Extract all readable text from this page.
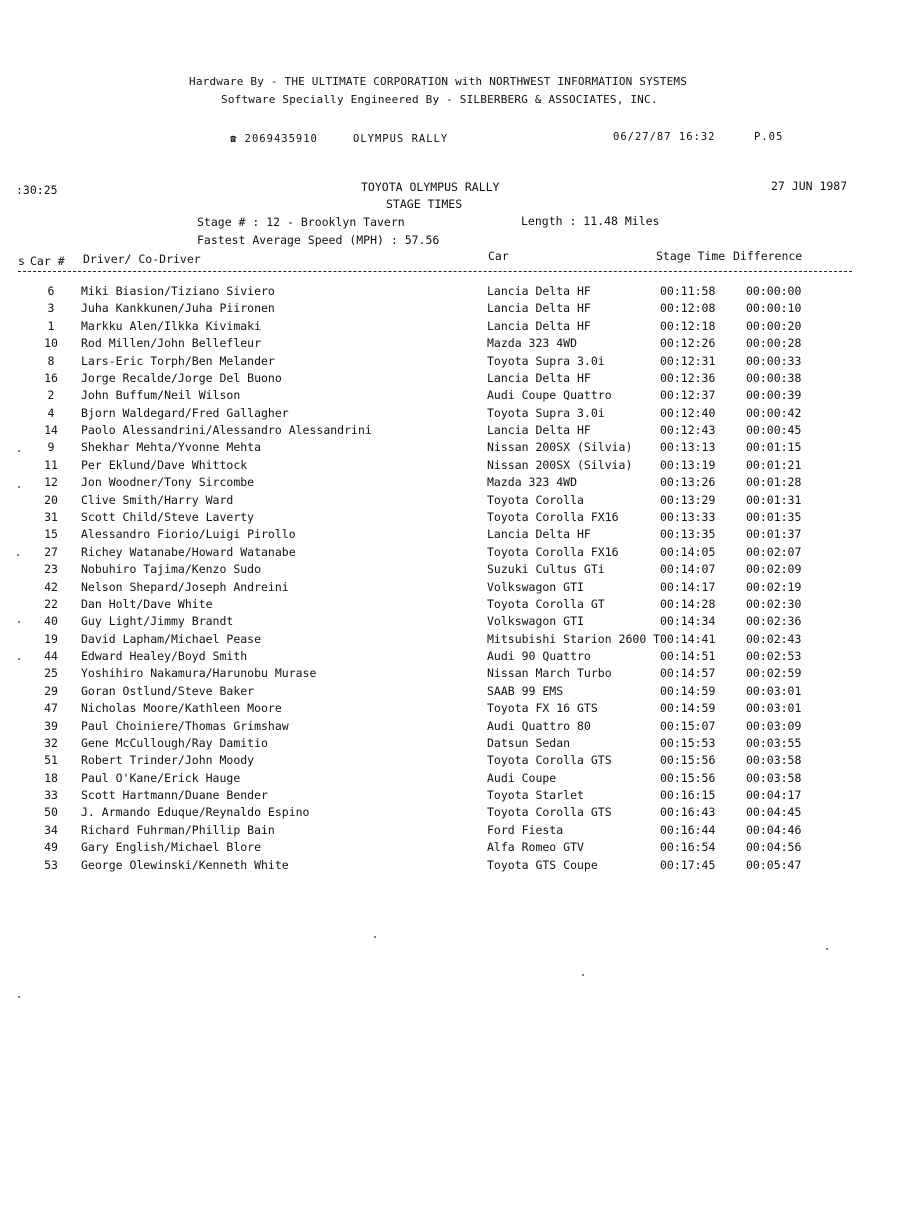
Hardware By - THE ULTIMATE CORPORATION with NORTHWEST INFORMATION SYSTEMS
Software Specially Engineered By - SILBERBERG & ASSOCIATES, INC.
☎ 2069435910	OLYMPUS RALLY	06/27/87 16:32	P.05
:30:25	TOYOTA OLYMPUS RALLY
STAGE TIMES
27 JUN 1987
Stage # : 12 - Brooklyn Tavern	Length : 11.48 Miles
Fastest Average Speed (MPH) : 57.56
s Car # Driver/ Co-Driver	Car	Stage Time Difference
6	Miki Biasion/Tiziano Siviero	Lancia Delta HF	00:11:58	00:00:00
3	Juha Kankkunen/Juha Piironen	Lancia Delta HF	00:12:08	00:00:10
1	Markku Alen/Ilkka Kivimaki	Lancia Delta HF	00:12:18	00:00:20
10	Rod Millen/John Bellefleur	Mazda 323 4WD	00:12:26	00:00:28
8	Lars-Eric Torph/Ben Melander	Toyota Supra 3.0i	00:12:31	00:00:33
16	Jorge Recalde/Jorge Del Buono	Lancia Delta HF	00:12:36	00:00:38
2	John Buffum/Neil Wilson	Audi Coupe Quattro	00:12:37	00:00:39
4	Bjorn Waldegard/Fred Gallagher	Toyota Supra 3.0i	00:12:40	00:00:42
14	Paolo Alessandrini/Alessandro Alessandrini	Lancia Delta HF	00:12:43	00:00:45
9	Shekhar Mehta/Yvonne Mehta	Nissan 200SX (Silvia) 00:13:13	00:01:15
11	Per Eklund/Dave Whittock	Nissan 200SX (Silvia) 00:13:19	00:01:21
12	Jon Woodner/Tony Sircombe	Mazda 323 4WD	00:13:26	00:01:28
20	Clive Smith/Harry Ward	Toyota Corolla	00:13:29	00:01:31
31	Scott Child/Steve Laverty	Toyota Corolla FX16	00:13:33	00:01:35
15	Alessandro Fiorio/Luigi Pirollo	Lancia Delta HF	00:13:35	00:01:37
27	Richey Watanabe/Howard Watanabe	Toyota Corolla FX16	00:14:05	00:02:07
23	Nobuhiro Tajima/Kenzo Sudo	Suzuki Cultus GTi	00:14:07	00:02:09
42	Nelson Shepard/Joseph Andreini	Volkswagon GTI	00:14:17	00:02:19
22	Dan Holt/Dave White	Toyota Corolla GT	00:14:28	00:02:30
40	Guy Light/Jimmy Brandt	Volkswagon GTI	00:14:34	00:02:36
19	David Lapham/Michael Pease	Mitsubishi Starion 2600 T 00:14:41	00:02:43
44	Edward Healey/Boyd Smith	Audi 90 Quattro	00:14:51	00:02:53
25	Yoshihiro Nakamura/Harunobu Murase	Nissan March Turbo	00:14:57	00:02:59
29	Goran Ostlund/Steve Baker	SAAB 99 EMS	00:14:59	00:03:01
47	Nicholas Moore/Kathleen Moore	Toyota FX 16 GTS	00:14:59	00:03:01
39	Paul Choiniere/Thomas Grimshaw	Audi Quattro 80	00:15:07	00:03:09
32	Gene McCullough/Ray Damitio	Datsun Sedan	00:15:53	00:03:55
51	Robert Trinder/John Moody	Toyota Corolla GTS	00:15:56	00:03:58
18	Paul O'Kane/Erick Hauge	Audi Coupe	00:15:56	00:03:58
33	Scott Hartmann/Duane Bender	Toyota Starlet	00:16:15	00:04:17
50	J. Armando Eduque/Reynaldo Espino	Toyota Corolla GTS	00:16:43	00:04:45
34	Richard Fuhrman/Phillip Bain	Ford Fiesta	00:16:44	00:04:46
49	Gary English/Michael Blore	Alfa Romeo GTV	00:16:54	00:04:56
53	George Olewinski/Kenneth White	Toyota GTS Coupe	00:17:45	00:05:47
